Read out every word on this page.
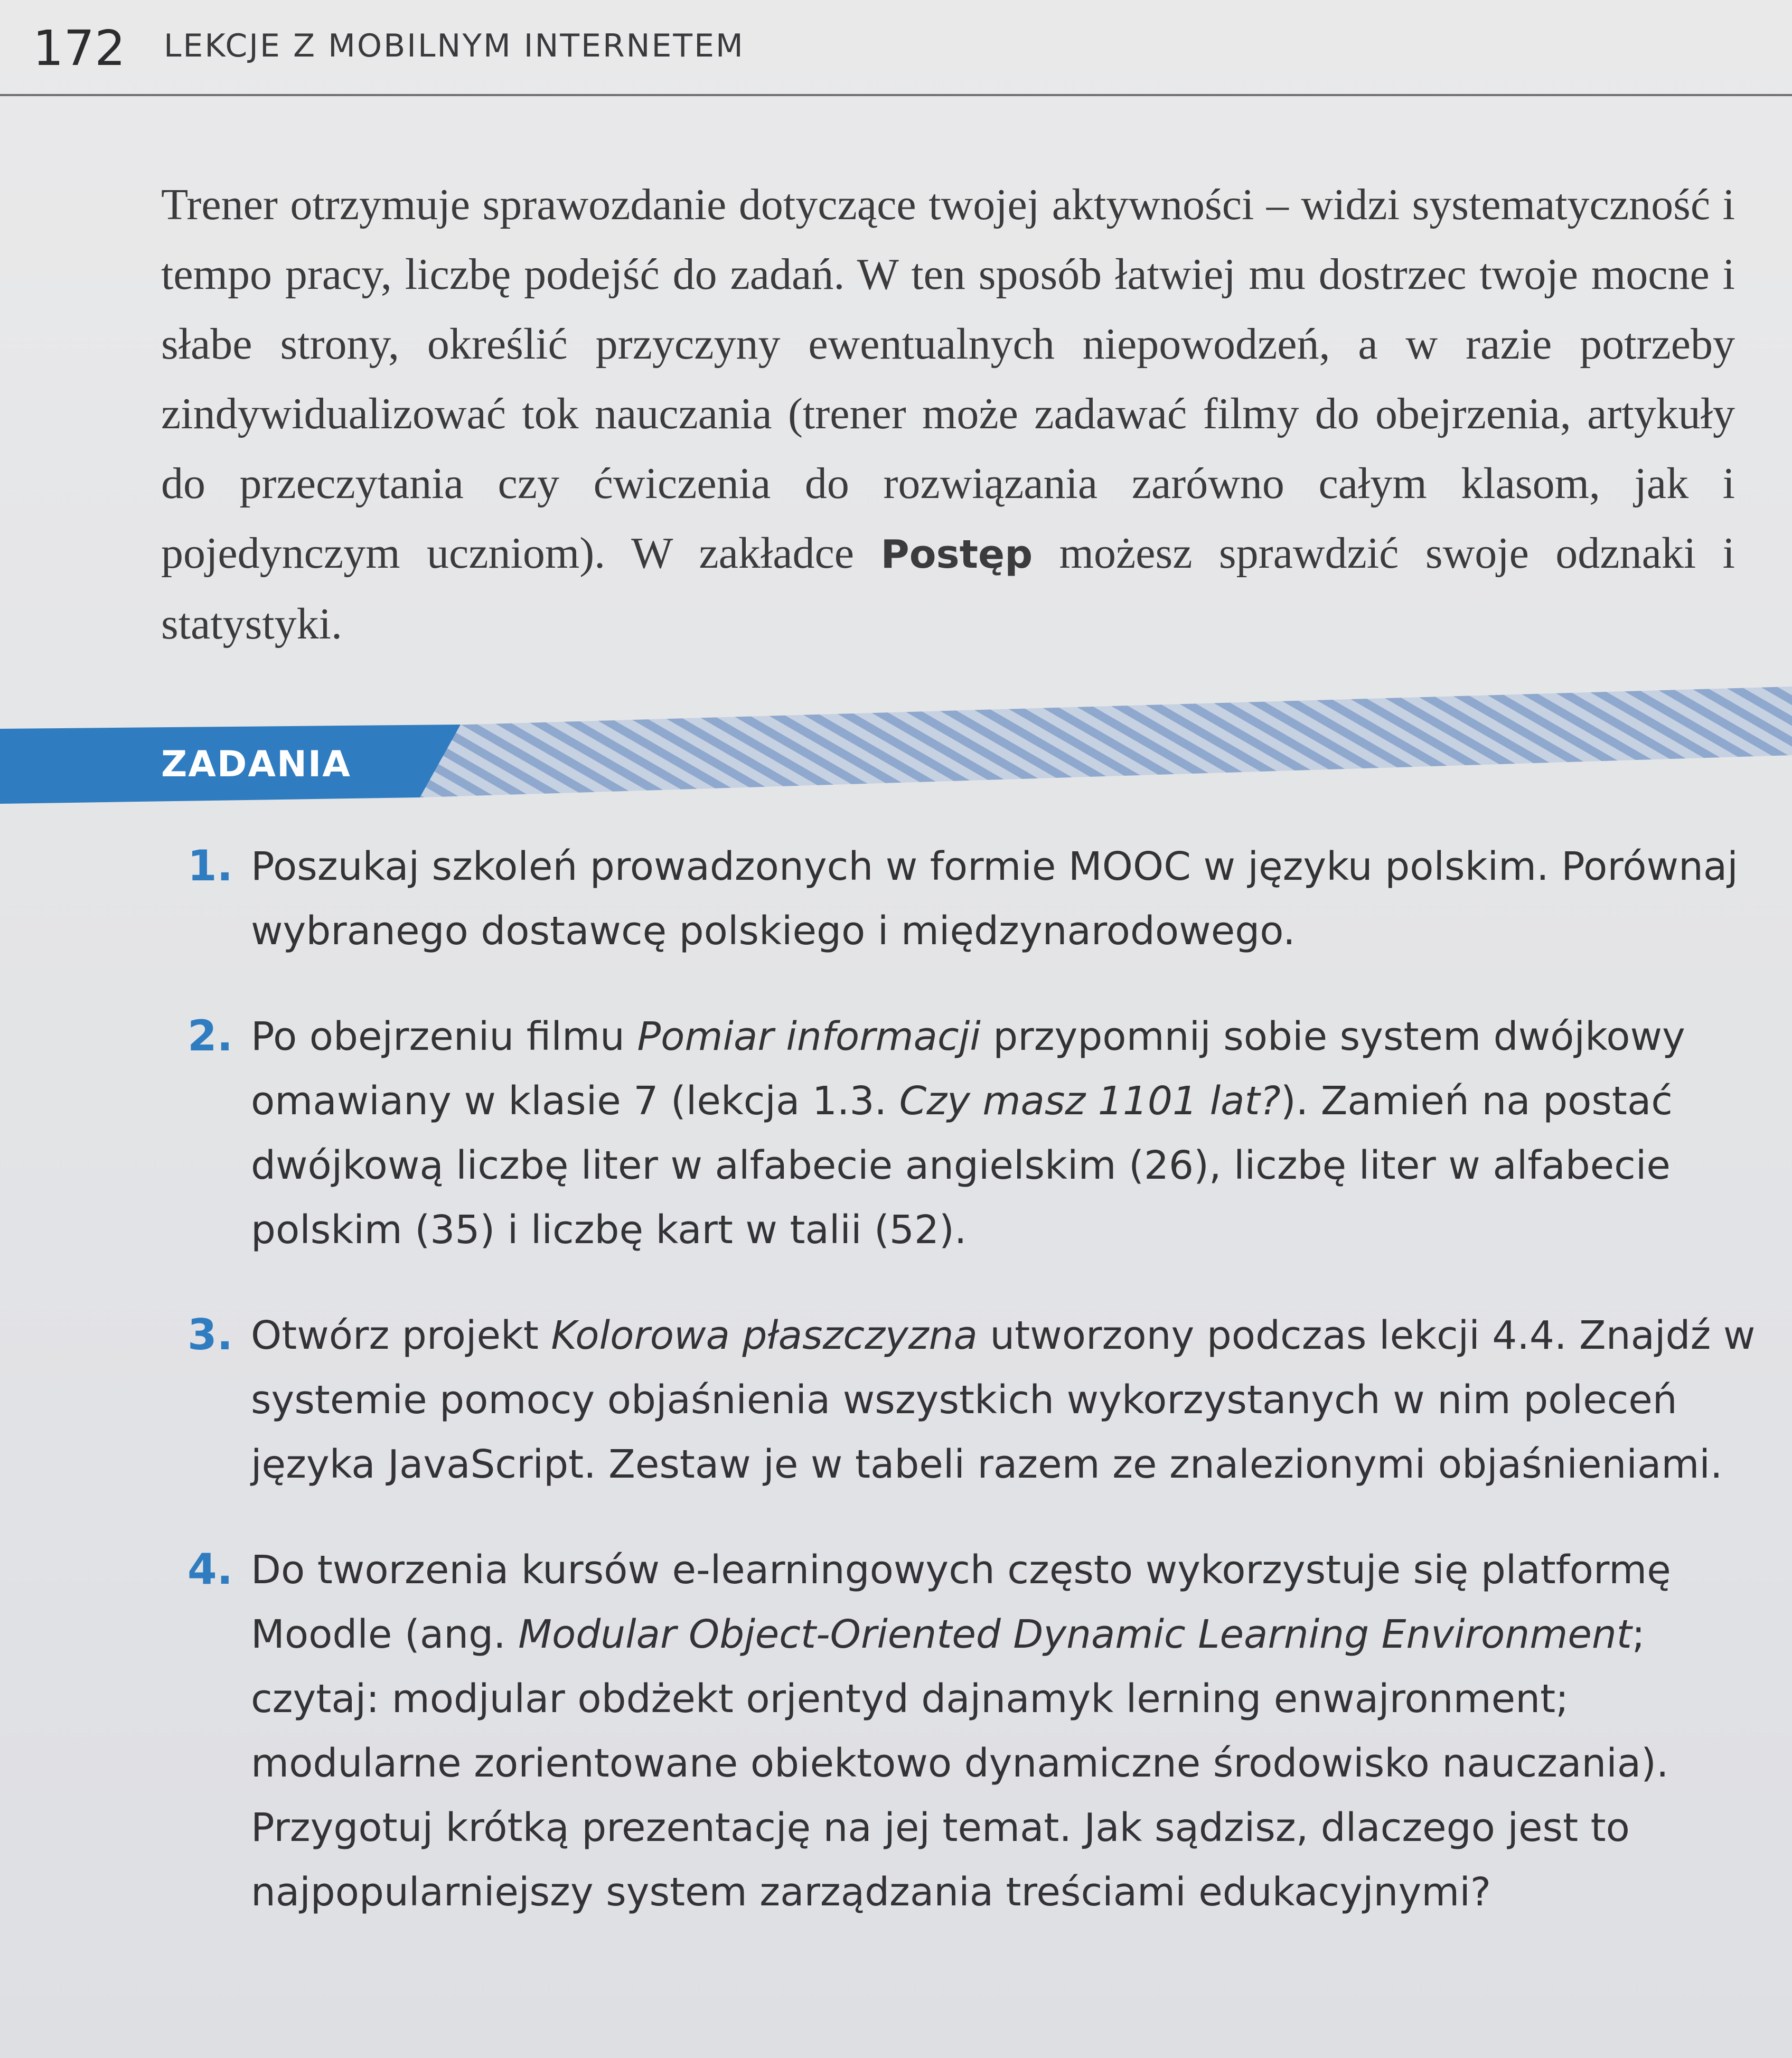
172 LEKCJE Z MOBILNYM INTERNETEM

Trener otrzymuje sprawozdanie dotyczące twojej aktywności – widzi systematyczność i tempo pracy, liczbę podejść do zadań. W ten sposób łatwiej mu dostrzec twoje mocne i słabe strony, określić przyczyny ewentualnych niepowodzeń, a w razie potrzeby zindywidualizować tok nauczania (trener może zadawać filmy do obejrzenia, artykuły do przeczytania czy ćwiczenia do rozwiązania zarówno całym klasom, jak i pojedynczym uczniom). W zakładce Postęp możesz sprawdzić swoje odznaki i statystyki.

ZADANIA
1. Poszukaj szkoleń prowadzonych w formie MOOC w języku polskim. Porównaj wybranego dostawcę polskiego i międzynarodowego.

2. Po obejrzeniu filmu Pomiar informacji przypomnij sobie system dwójkowy omawiany w klasie 7 (lekcja 1.3. Czy masz 1101 lat?). Zamień na postać dwójkową liczbę liter w alfabecie angielskim (26), liczbę liter w alfabecie polskim (35) i liczbę kart w talii (52).

3. Otwórz projekt Kolorowa płaszczyzna utworzony podczas lekcji 4.4. Znajdź w systemie pomocy objaśnienia wszystkich wykorzystanych w nim poleceń języka JavaScript. Zestaw je w tabeli razem ze znalezionymi objaśnieniami.

4. Do tworzenia kursów e-learningowych często wykorzystuje się platformę Moodle (ang. Modular Object-Oriented Dynamic Learning Environment; czytaj: modjular obdżekt orjentyd dajnamyk lerning enwajronment; modularne zorientowane obiektowo dynamiczne środowisko nauczania). Przygotuj krótką prezentację na jej temat. Jak sądzisz, dlaczego jest to najpopularniejszy system zarządzania treściami edukacyjnymi?
